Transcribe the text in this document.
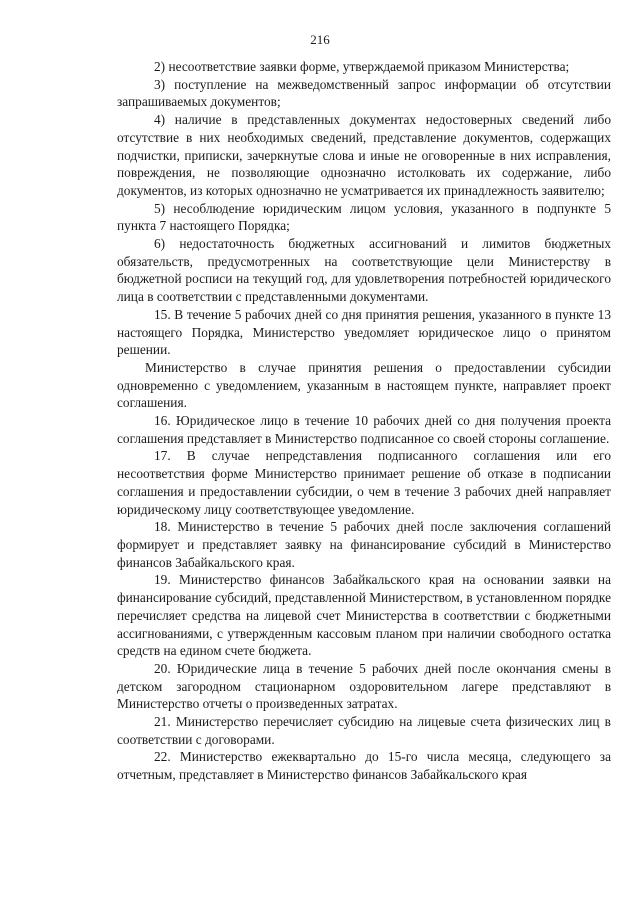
216

2) несоответствие заявки форме, утверждаемой приказом Министерства;

3) поступление на межведомственный запрос информации об отсутствии запрашиваемых документов;

4) наличие в представленных документах недостоверных сведений либо отсутствие в них необходимых сведений, представление документов, содержащих подчистки, приписки, зачеркнутые слова и иные не оговоренные в них исправления, повреждения, не позволяющие однозначно истолковать их содержание, либо документов, из которых однозначно не усматривается их принадлежность заявителю;

5) несоблюдение юридическим лицом условия, указанного в подпункте 5 пункта 7 настоящего Порядка;

6) недостаточность бюджетных ассигнований и лимитов бюджетных обязательств, предусмотренных на соответствующие цели Министерству в бюджетной росписи на текущий год, для удовлетворения потребностей юридического лица в соответствии с представленными документами.

15. В течение 5 рабочих дней со дня принятия решения, указанного в пункте 13 настоящего Порядка, Министерство уведомляет юридическое лицо о принятом решении.

Министерство в случае принятия решения о предоставлении субсидии одновременно с уведомлением, указанным в настоящем пункте, направляет проект соглашения.

16. Юридическое лицо в течение 10 рабочих дней со дня получения проекта соглашения представляет в Министерство подписанное со своей стороны соглашение.

17. В случае непредставления подписанного соглашения или его несоответствия форме Министерство принимает решение об отказе в подписании соглашения и предоставлении субсидии, о чем в течение 3 рабочих дней направляет юридическому лицу соответствующее уведомление.

18. Министерство в течение 5 рабочих дней после заключения соглашений формирует и представляет заявку на финансирование субсидий в Министерство финансов Забайкальского края.

19. Министерство финансов Забайкальского края на основании заявки на финансирование субсидий, представленной Министерством, в установленном порядке перечисляет средства на лицевой счет Министерства в соответствии с бюджетными ассигнованиями, с утвержденным кассовым планом при наличии свободного остатка средств на едином счете бюджета.

20. Юридические лица в течение 5 рабочих дней после окончания смены в детском загородном стационарном оздоровительном лагере представляют в Министерство отчеты о произведенных затратах.

21. Министерство перечисляет субсидию на лицевые счета физических лиц в соответствии с договорами.

22. Министерство ежеквартально до 15-го числа месяца, следующего за отчетным, представляет в Министерство финансов Забайкальского края
